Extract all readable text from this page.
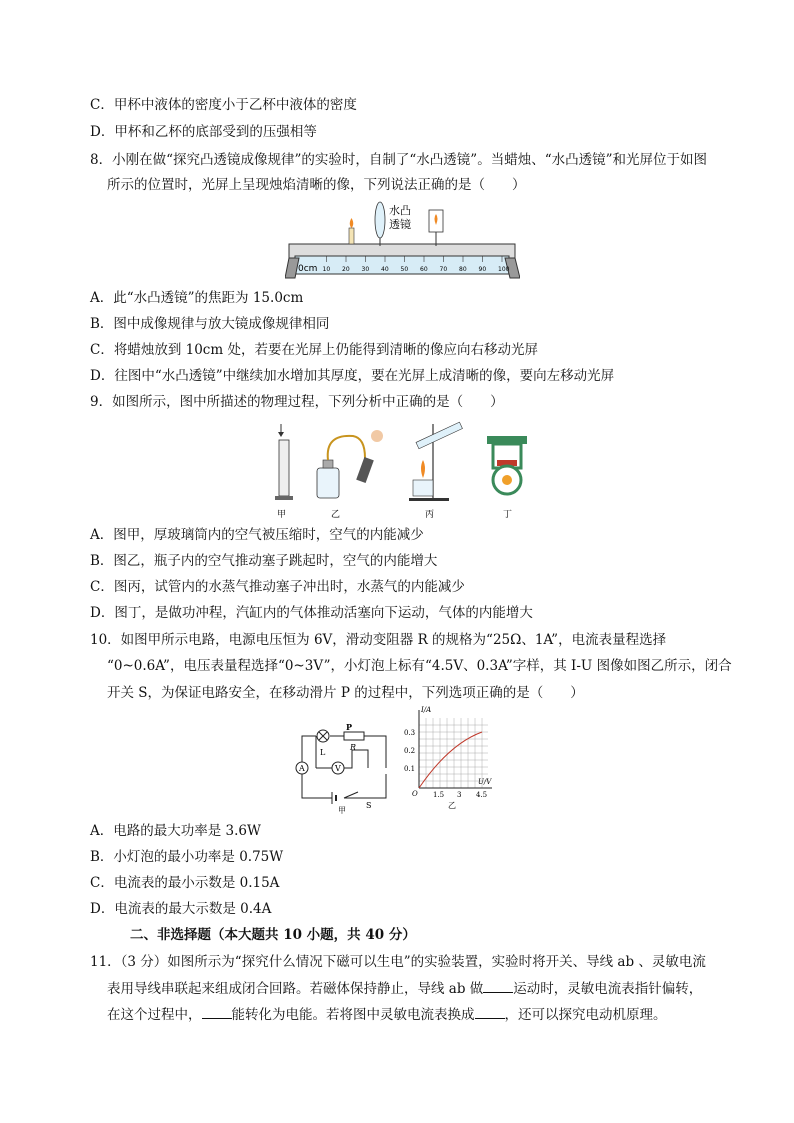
C．甲杯中液体的密度小于乙杯中液体的密度
D．甲杯和乙杯的底部受到的压强相等
8．小刚在做“探究凸透镜成像规律”的实验时，自制了“水凸透镜”。当蜡烛、“水凸透镜”和光屏位于如图
所示的位置时，光屏上呈现烛焰清晰的像，下列说法正确的是（　　）
0cm 10 20 30 40 50 60 70 80 90 100
水凸
透镜
A．此“水凸透镜”的焦距为 15.0cm
B．图中成像规律与放大镜成像规律相同
C．将蜡烛放到 10cm 处，若要在光屏上仍能得到清晰的像应向右移动光屏
D．往图中“水凸透镜”中继续加水增加其厚度，要在光屏上成清晰的像，要向左移动光屏
9．如图所示，图中所描述的物理过程，下列分析中正确的是（　　）
甲	乙	丙	丁
A．图甲，厚玻璃筒内的空气被压缩时，空气的内能减少
B．图乙，瓶子内的空气推动塞子跳起时，空气的内能增大
C．图丙，试管内的水蒸气推动塞子冲出时，水蒸气的内能减少
D．图丁，是做功冲程，汽缸内的气体推动活塞向下运动，气体的内能增大
10．如图甲所示电路，电源电压恒为 6V，滑动变阻器 R 的规格为“25Ω、1A”，电流表量程选择
“0~0.6A”，电压表量程选择“0~3V”，小灯泡上标有“4.5V、0.3A”字样，其 I-U 图像如图乙所示，闭合
开关 S，为保证电路安全，在移动滑片 P 的过程中，下列选项正确的是（　　）
L
P
R
A	V
S
甲
I/A
U/V
O
0.1
0.2
0.3
1.5 3 4.5
乙
A．电路的最大功率是 3.6W
B．小灯泡的最小功率是 0.75W
C．电流表的最小示数是 0.15A
D．电流表的最大示数是 0.4A
二、非选择题（本大题共 10 小题，共 40 分）
11．（3 分）如图所示为“探究什么情况下磁可以生电”的实验装置，实验时将开关、导线 ab 、灵敏电流
表用导线串联起来组成闭合回路。若磁体保持静止，导线 ab 做 运动时，灵敏电流表指针偏转，
在这个过程中， 能转化为电能。若将图中灵敏电流表换成 ，还可以探究电动机原理。
